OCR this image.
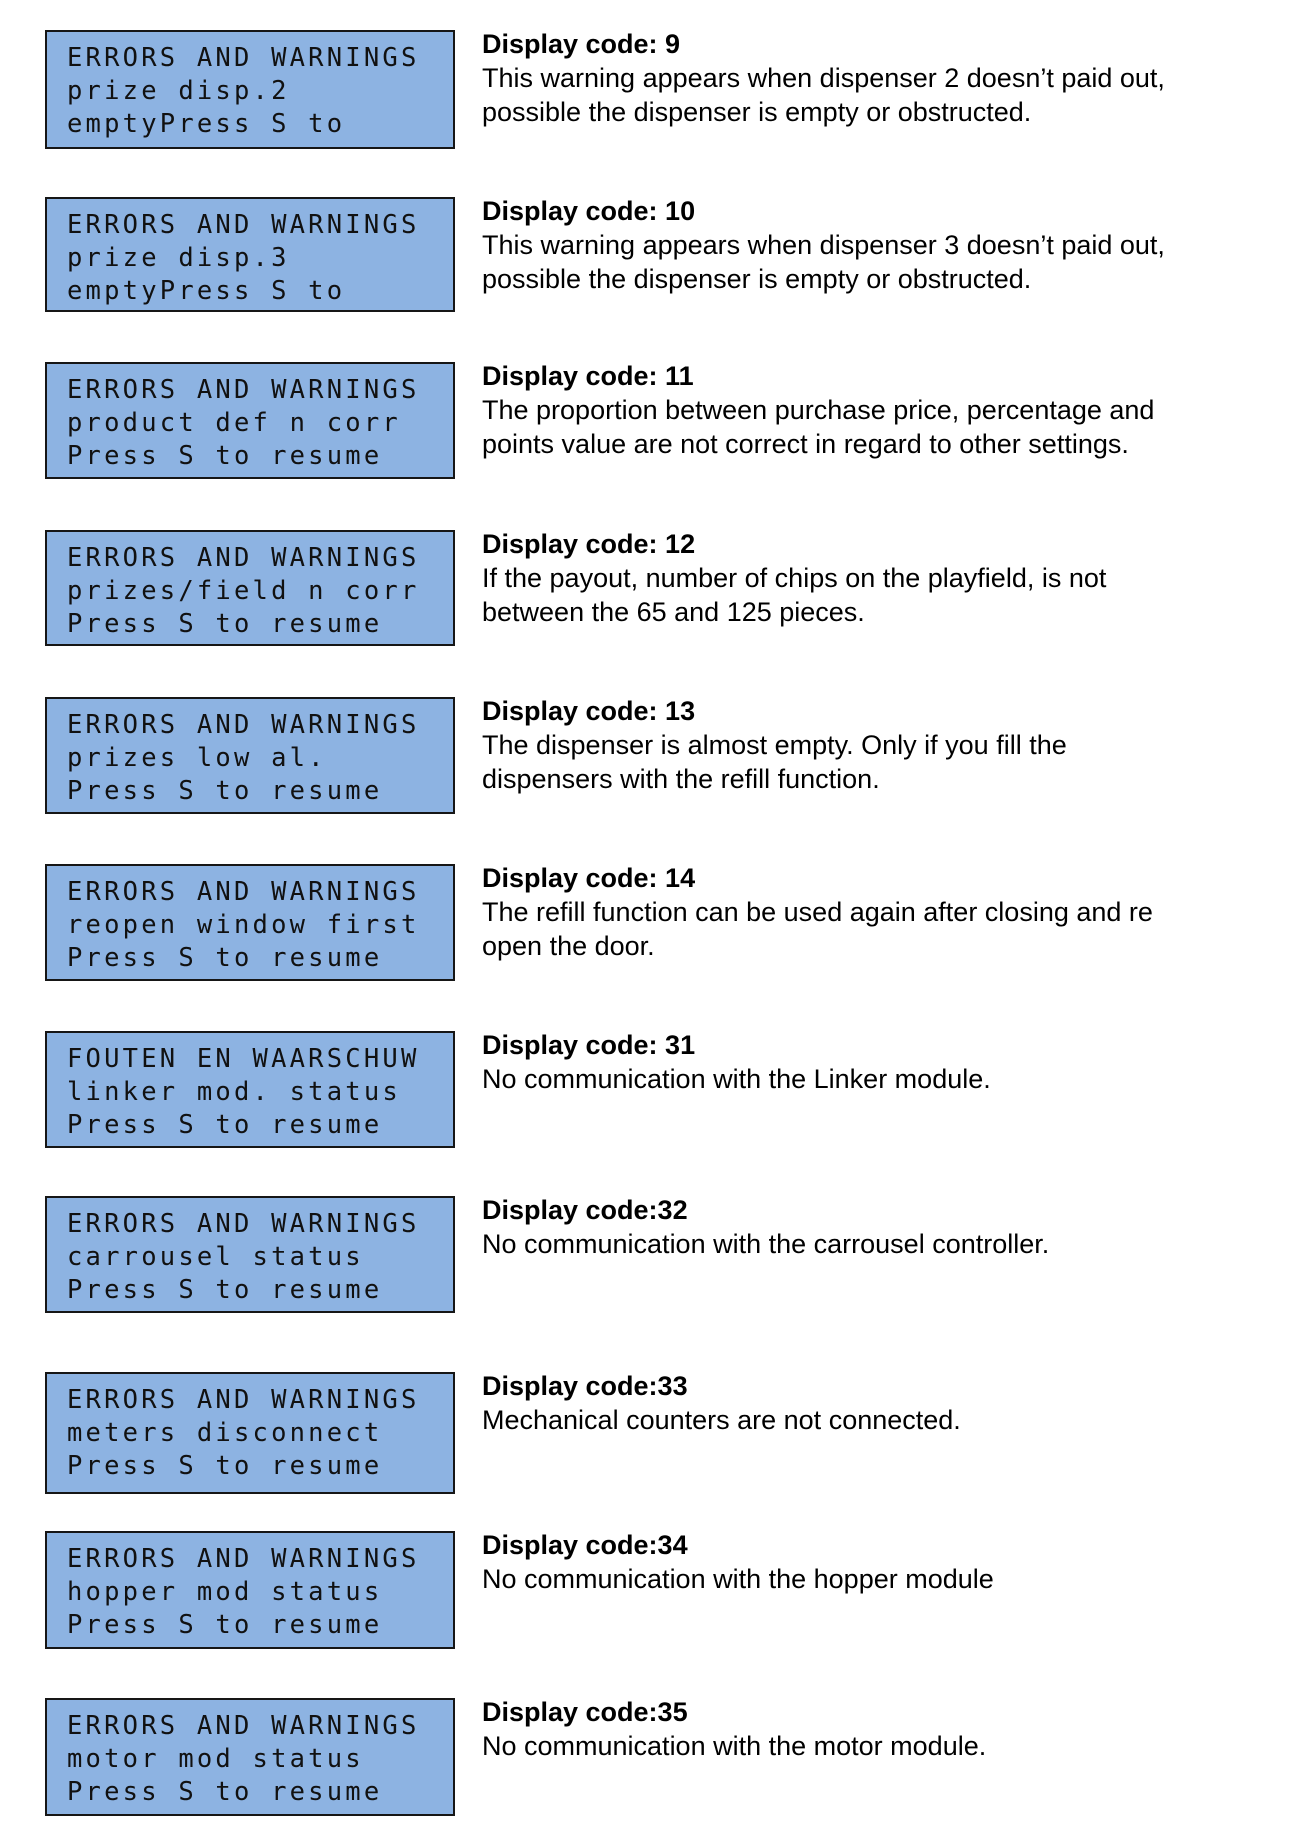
ERRORS AND WARNINGS
prize disp.2
emptyPress S to
Display code: 9
This warning appears when dispenser 2 doesn’t paid out,
possible the dispenser is empty or obstructed.
ERRORS AND WARNINGS
prize disp.3
emptyPress S to
Display code: 10
This warning appears when dispenser 3 doesn’t paid out,
possible the dispenser is empty or obstructed.
ERRORS AND WARNINGS
product def n corr
Press S to resume
Display code: 11
The proportion between purchase price, percentage and
points value are not correct in regard to other settings.
ERRORS AND WARNINGS
prizes/field n corr
Press S to resume
Display code: 12
If the payout, number of chips on the playfield, is not
between the 65 and 125 pieces.
ERRORS AND WARNINGS
prizes low al.
Press S to resume
Display code: 13
The dispenser is almost empty. Only if you fill the
dispensers with the refill function.
ERRORS AND WARNINGS
reopen window first
Press S to resume
Display code: 14
The refill function can be used again after closing and re
open the door.
FOUTEN EN WAARSCHUW
linker mod. status
Press S to resume
Display code: 31
No communication with the Linker module.
ERRORS AND WARNINGS
carrousel status
Press S to resume
Display code:32
No communication with the carrousel controller.
ERRORS AND WARNINGS
meters disconnect
Press S to resume
Display code:33
Mechanical counters are not connected.
ERRORS AND WARNINGS
hopper mod status
Press S to resume
Display code:34
No communication with the hopper module
ERRORS AND WARNINGS
motor mod status
Press S to resume
Display code:35
No communication with the motor module.
